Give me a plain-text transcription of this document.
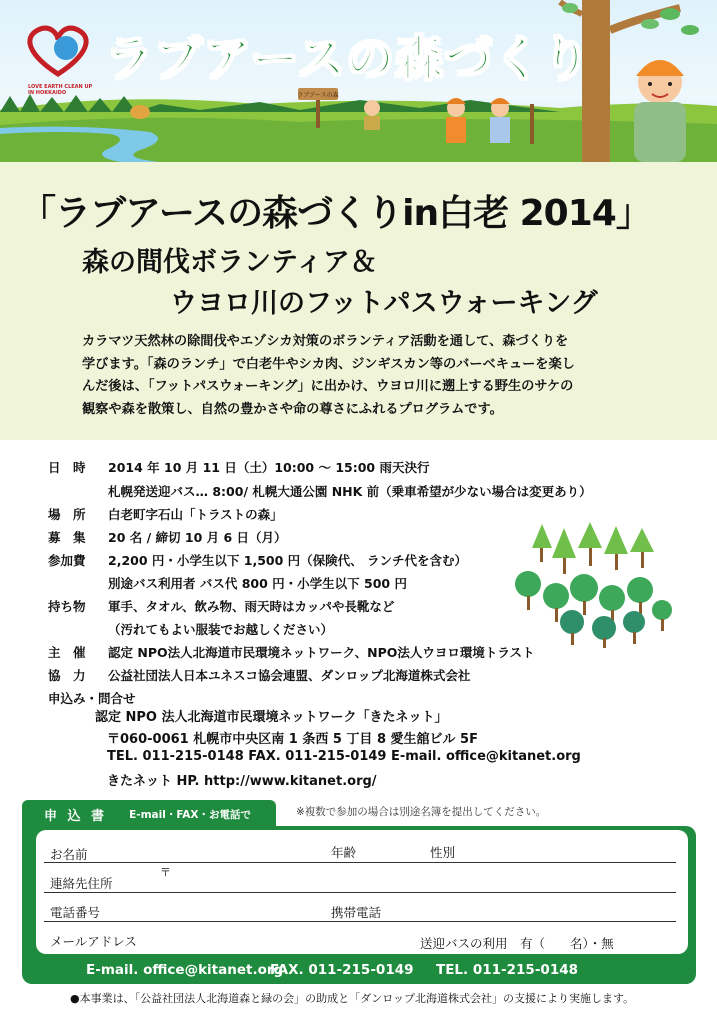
ラブアースの森
ラブアースの森づくり
LOVE EARTH CLEAN UP IN HOKKAIDO
「ラブアースの森づくりin白老 2014」
森の間伐ボランティア＆
ウヨロ川のフットパスウォーキング
カラマツ天然林の除間伐やエゾシカ対策のボランティア活動を通して、森づくりを
学びます。「森のランチ」で白老牛やシカ肉、ジンギスカン等のバーベキューを楽し
んだ後は、「フットパスウォーキング」に出かけ、ウヨロ川に遡上する野生のサケの
観察や森を散策し、自然の豊かさや命の尊さにふれるプログラムです。
日　時	2014 年 10 月 11 日（土）10:00 ～ 15:00 雨天決行
札幌発送迎バス… 8:00/ 札幌大通公園 NHK 前（乗車希望が少ない場合は変更あり）
場　所	白老町字石山「トラストの森」
募　集	20 名 / 締切 10 月 6 日（月）
参加費	2,200 円・小学生以下 1,500 円（保険代、 ランチ代を含む）
別途バス利用者 バス代 800 円・小学生以下 500 円
持ち物	軍手、タオル、飲み物、雨天時はカッパや長靴など
（汚れてもよい服装でお越しください）
主　催	認定 NPO法人北海道市民環境ネットワーク、NPO法人ウヨロ環境トラスト
協　力	公益社団法人日本ユネスコ協会連盟、ダンロップ北海道株式会社
申込み・問合せ
認定 NPO 法人北海道市民環境ネットワーク「きたネット」
〒060-0061 札幌市中央区南 1 条西 5 丁目 8 愛生舘ビル 5F
TEL. 011-215-0148 FAX. 011-215-0149 E-mail. office@kitanet.org
きたネット HP. http://www.kitanet.org/
申 込 書 E-mail・FAX・お電話で	※複数で参加の場合は別途名簿を提出してください。
お名前	年齢	性別
〒
連絡先住所
電話番号	携帯電話
メールアドレス	送迎バスの利用　有（　　名）・無
E-mail. office@kitanet.org
FAX. 011-215-0149 TEL. 011-215-0148
●本事業は、「公益社団法人北海道森と緑の会」の助成と「ダンロップ北海道株式会社」の支援により実施します。
